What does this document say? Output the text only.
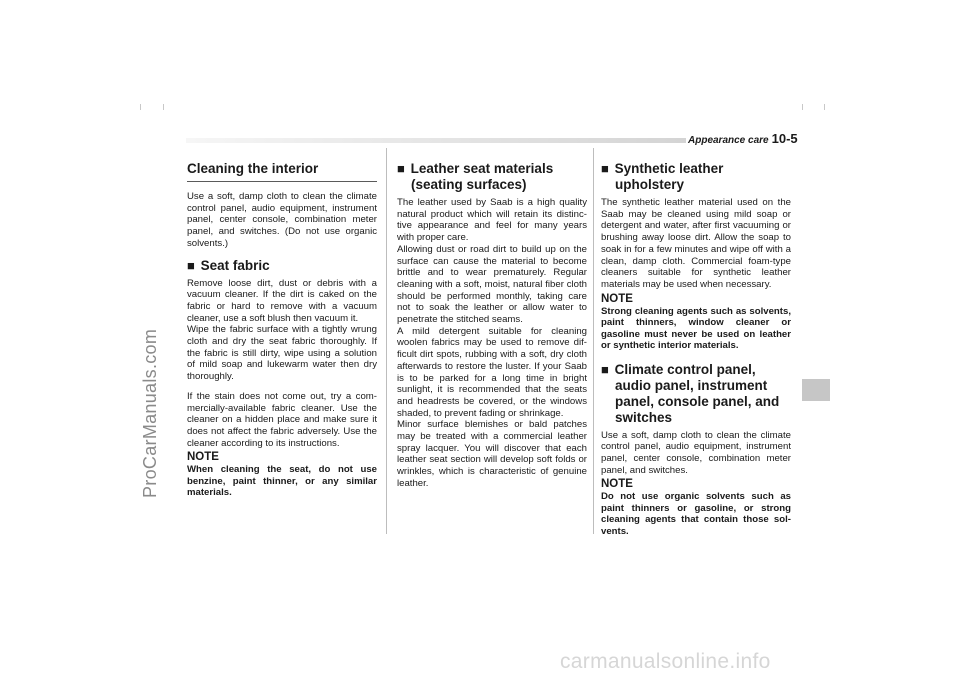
Appearance care 10-5
ProCarManuals.com
Cleaning the interior

Use a soft, damp cloth to clean the climate control panel, audio equipment, instrument panel, center console, combination meter panel, and switches. (Do not use organic solvents.)

■ Seat fabric

Remove loose dirt, dust or debris with a vacuum cleaner. If the dirt is caked on the fabric or hard to remove with a vacuum cleaner, use a soft blush then vacuum it.

Wipe the fabric surface with a tightly wrung cloth and dry the seat fabric thoroughly. If the fabric is still dirty, wipe using a solution of mild soap and lukewarm water then dry thoroughly.

If the stain does not come out, try a commercially-available fabric cleaner. Use the cleaner on a hidden place and make sure it does not affect the fabric adversely. Use the cleaner according to its instructions.

NOTE
When cleaning the seat, do not use benzine, paint thinner, or any similar materials.
■ Leather seat materials (seating surfaces)

The leather used by Saab is a high quality natural product which will retain its distinctive appearance and feel for many years with proper care.

Allowing dust or road dirt to build up on the surface can cause the material to become brittle and to wear prematurely. Regular cleaning with a soft, moist, natural fiber cloth should be performed monthly, taking care not to soak the leather or allow water to penetrate the stitched seams.

A mild detergent suitable for cleaning woolen fabrics may be used to remove difficult dirt spots, rubbing with a soft, dry cloth afterwards to restore the luster. If your Saab is to be parked for a long time in bright sunlight, it is recommended that the seats and headrests be covered, or the windows shaded, to prevent fading or shrinkage.

Minor surface blemishes or bald patches may be treated with a commercial leather spray lacquer. You will discover that each leather seat section will develop soft folds or wrinkles, which is characteristic of genuine leather.

■ Synthetic leather upholstery

The synthetic leather material used on the Saab may be cleaned using mild soap or detergent and water, after first vacuuming or brushing away loose dirt. Allow the soap to soak in for a few minutes and wipe off with a clean, damp cloth. Commercial foam-type cleaners suitable for synthetic leather materials may be used when necessary.

NOTE
Strong cleaning agents such as solvents, paint thinners, window cleaner or gasoline must never be used on leather or synthetic interior materials.
■ Climate control panel, audio panel, instrument panel, console panel, and switches

Use a soft, damp cloth to clean the climate control panel, audio equipment, instrument panel, center console, combination meter panel, and switches.

NOTE
Do not use organic solvents such as paint thinners or gasoline, or strong cleaning agents that contain those solvents.
carmanualsonline.info
